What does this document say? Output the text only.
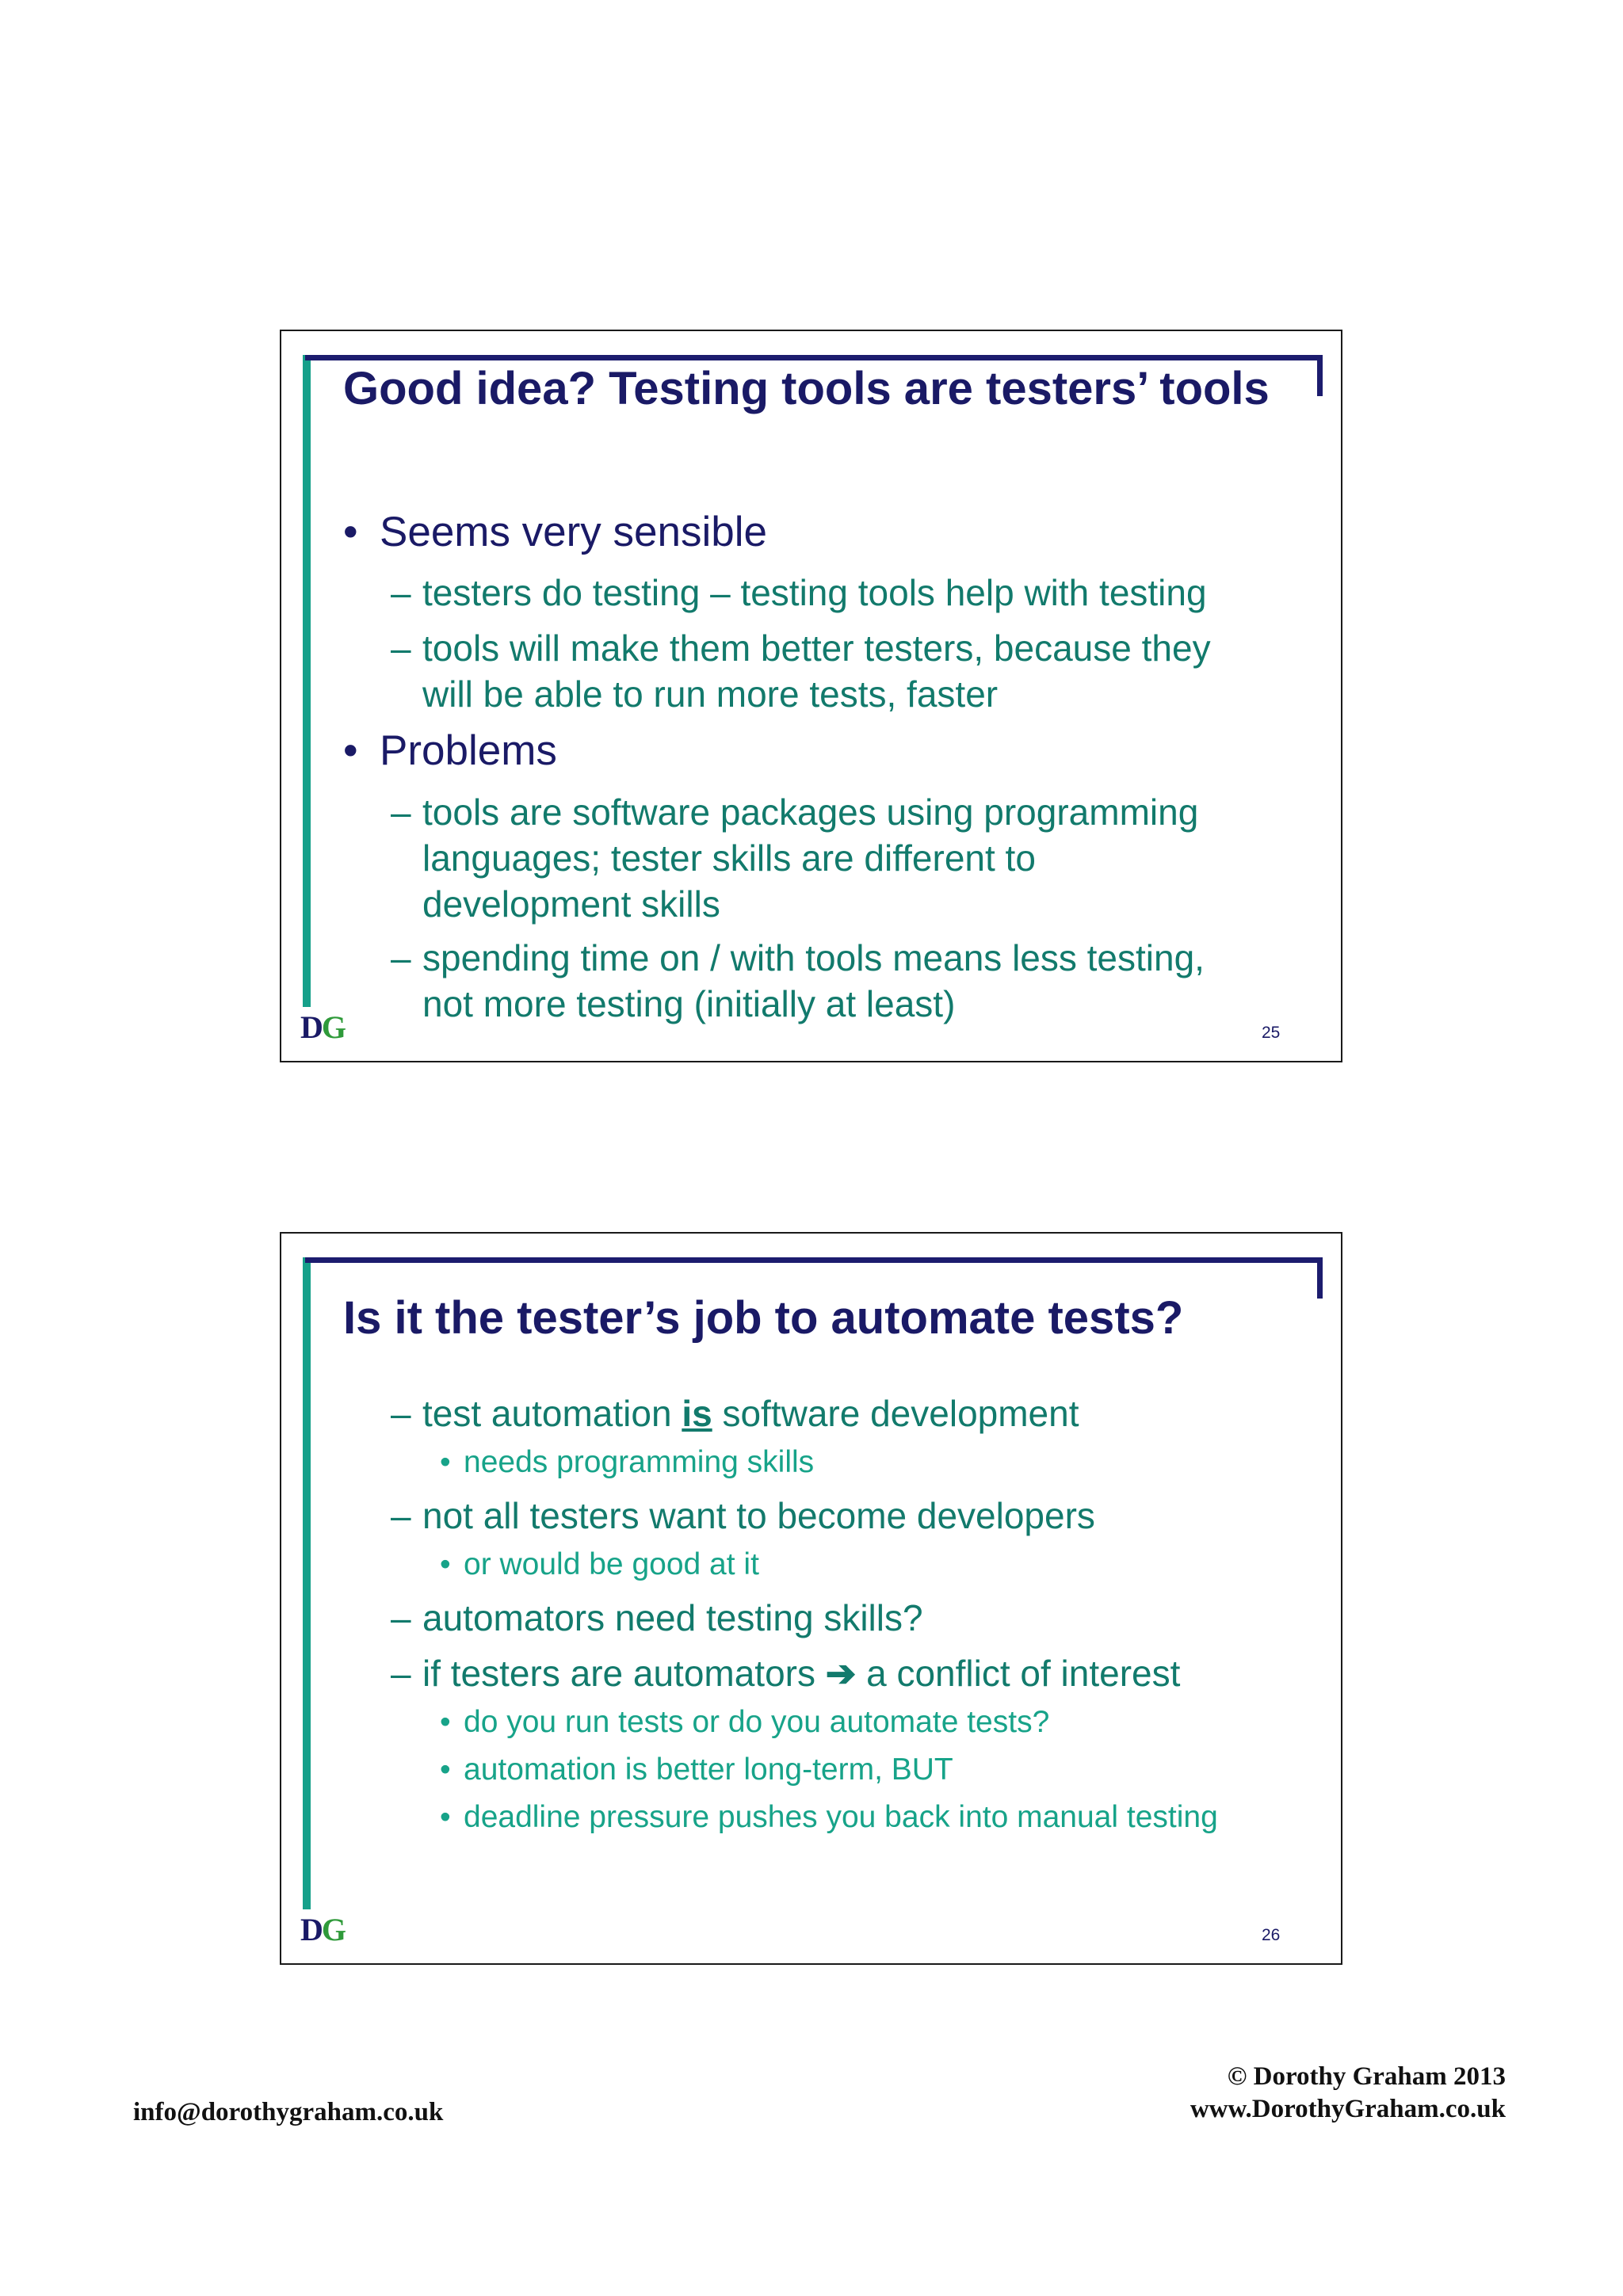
Good idea? Testing tools are testers’ tools
• Seems very sensible
– testers do testing – testing tools help with testing
– tools will make them better testers, because they
will be able to run more tests, faster
• Problems
– tools are software packages using programming
languages; tester skills are different to
development skills
– spending time on / with tools means less testing,
not more testing (initially at least)
DG	25
Is it the tester’s job to automate tests?
– test automation is software development
• needs programming skills
– not all testers want to become developers
• or would be good at it
– automators need testing skills?
– if testers are automators ➔ a conflict of interest
• do you run tests or do you automate tests?
• automation is better long-term, BUT
• deadline pressure pushes you back into manual testing
DG	26
info@dorothygraham.co.uk
© Dorothy Graham 2013
www.DorothyGraham.co.uk
